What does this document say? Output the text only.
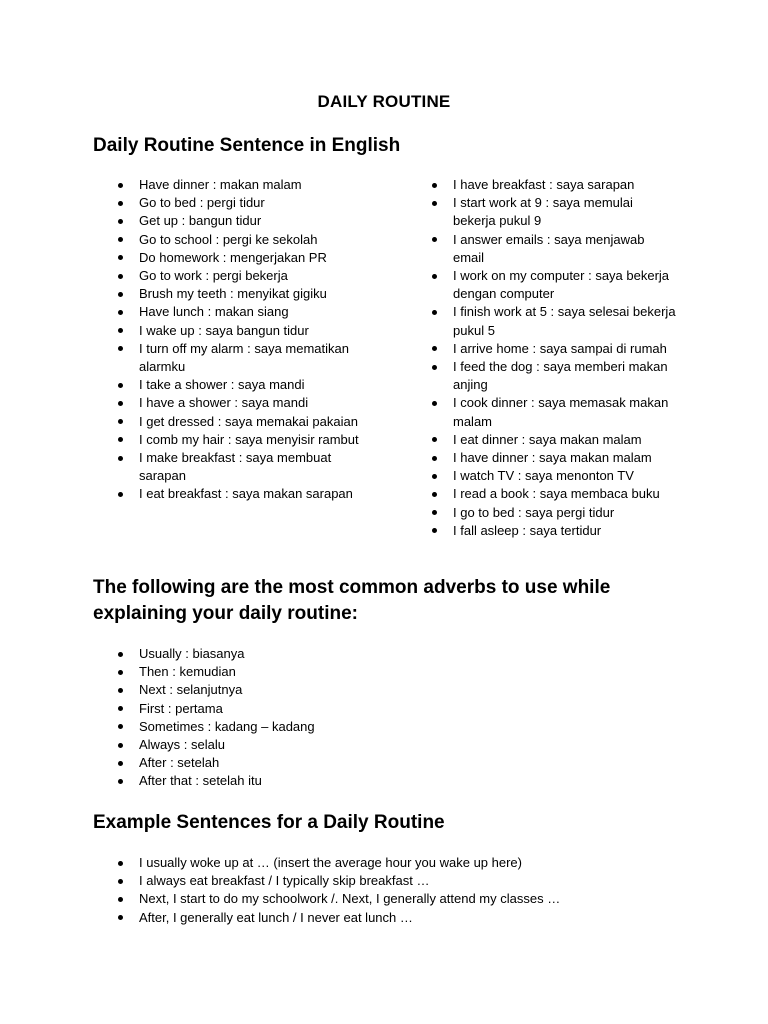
DAILY ROUTINE
Daily Routine Sentence in English
Have dinner : makan malam
Go to bed : pergi tidur
Get up : bangun tidur
Go to school : pergi ke sekolah
Do homework : mengerjakan PR
Go to work : pergi bekerja
Brush my teeth : menyikat gigiku
Have lunch : makan siang
I wake up : saya bangun tidur
I turn off my alarm : saya mematikan alarmku
I take a shower : saya mandi
I have a shower : saya mandi
I get dressed : saya memakai pakaian
I comb my hair : saya menyisir rambut
I make breakfast : saya membuat sarapan
I eat breakfast : saya makan sarapan
I have breakfast : saya sarapan
I start work at 9 : saya memulai bekerja pukul 9
I answer emails : saya menjawab email
I work on my computer : saya bekerja dengan computer
I finish work at 5 : saya selesai bekerja pukul 5
I arrive home : saya sampai di rumah
I feed the dog : saya memberi makan anjing
I cook dinner : saya memasak makan malam
I eat dinner : saya makan malam
I have dinner : saya makan malam
I watch TV : saya menonton TV
I read a book : saya membaca buku
I go to bed : saya pergi tidur
I fall asleep : saya tertidur
The following are the most common adverbs to use while explaining your daily routine:
Usually : biasanya
Then : kemudian
Next : selanjutnya
First : pertama
Sometimes : kadang – kadang
Always : selalu
After : setelah
After that : setelah itu
Example Sentences for a Daily Routine
I usually woke up at … (insert the average hour you wake up here)
I always eat breakfast / I typically skip breakfast …
Next, I start to do my schoolwork /. Next, I generally attend my classes …
After, I generally eat lunch / I never eat lunch …
